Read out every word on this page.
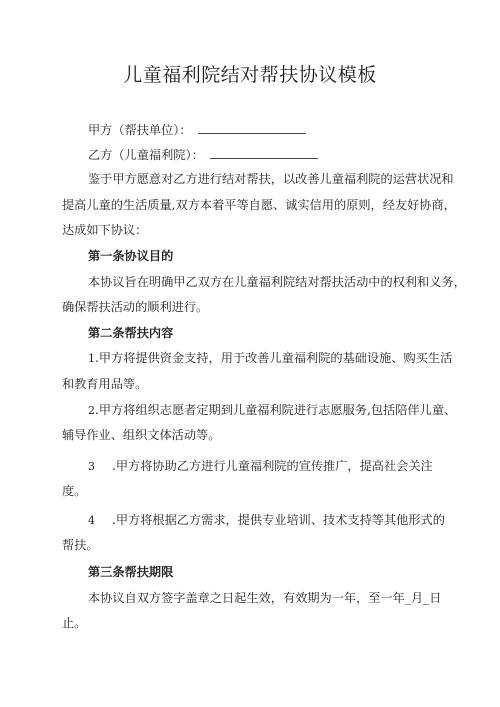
儿童福利院结对帮扶协议模板
甲方（帮扶单位）：
乙方（儿童福利院）：
鉴于甲方愿意对乙方进行结对帮扶，以改善儿童福利院的运营状况和
提高儿童的生活质量,双方本着平等自愿、诚实信用的原则，经友好协商，
达成如下协议：
第一条协议目的
本协议旨在明确甲乙双方在儿童福利院结对帮扶活动中的权利和义务，
确保帮扶活动的顺利进行。
第二条帮扶内容
1.甲方将提供资金支持，用于改善儿童福利院的基础设施、购买生活
和教育用品等。
2.甲方将组织志愿者定期到儿童福利院进行志愿服务,包括陪伴儿童、
辅导作业、组织文体活动等。
3 .甲方将协助乙方进行儿童福利院的宣传推广，提高社会关注
度。
4 .甲方将根据乙方需求，提供专业培训、技术支持等其他形式的
帮扶。
第三条帮扶期限
本协议自双方签字盖章之日起生效，有效期为一年，至一年_月_日
止。
